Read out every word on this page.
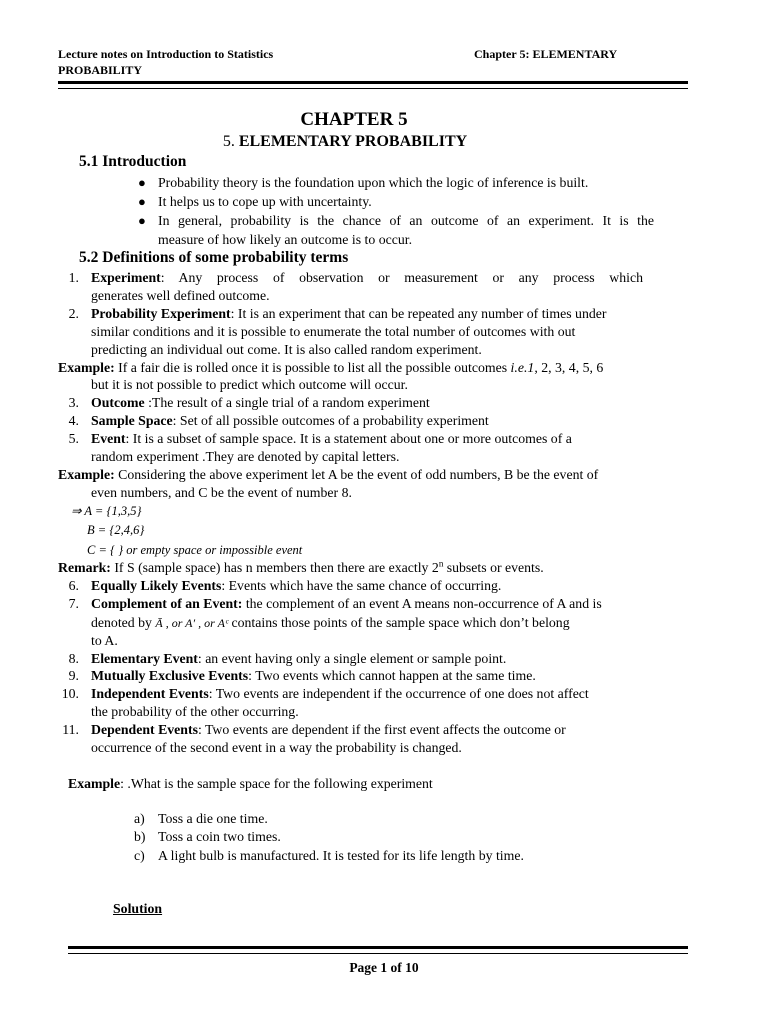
Lecture notes on Introduction to Statistics
PROBABILITY
Chapter 5: ELEMENTARY
CHAPTER 5
5. ELEMENTARY PROBABILITY
5.1 Introduction
● Probability theory is the foundation upon which the logic of inference is built.
● It helps us to cope up with uncertainty.
● In general, probability is the chance of an outcome of an experiment. It is the
measure of how likely an outcome is to occur.
5.2 Definitions of some probability terms
1. Experiment: Any process of observation or measurement or any process which
generates well defined outcome.
2. Probability Experiment: It is an experiment that can be repeated any number of times under
similar conditions and it is possible to enumerate the total number of outcomes with out
predicting an individual out come. It is also called random experiment.
Example: If a fair die is rolled once it is possible to list all the possible outcomes i.e.1, 2, 3, 4, 5, 6
but it is not possible to predict which outcome will occur.
3. Outcome :The result of a single trial of a random experiment
4. Sample Space: Set of all possible outcomes of a probability experiment
5. Event: It is a subset of sample space. It is a statement about one or more outcomes of a
random experiment .They are denoted by capital letters.
Example: Considering the above experiment let A be the event of odd numbers, B be the event of
even numbers, and C be the event of number 8.
⇒ A = {1,3,5}
B = {2,4,6}
C = { } or empty space or impossible event
Remark: If S (sample space) has n members then there are exactly 2$^n$ subsets or events.
6. Equally Likely Events: Events which have the same chance of occurring.
7. Complement of an Event: the complement of an event A means non-occurrence of A and is
denoted by Ā , or A′ , or Aᶜ contains those points of the sample space which don’t belong
to A.
8. Elementary Event: an event having only a single element or sample point.
9. Mutually Exclusive Events: Two events which cannot happen at the same time.
10. Independent Events: Two events are independent if the occurrence of one does not affect
the probability of the other occurring.
11. Dependent Events: Two events are dependent if the first event affects the outcome or
occurrence of the second event in a way the probability is changed.
Example: .What is the sample space for the following experiment
a) Toss a die one time.
b) Toss a coin two times.
c) A light bulb is manufactured. It is tested for its life length by time.
Solution
Page 1 of 10
